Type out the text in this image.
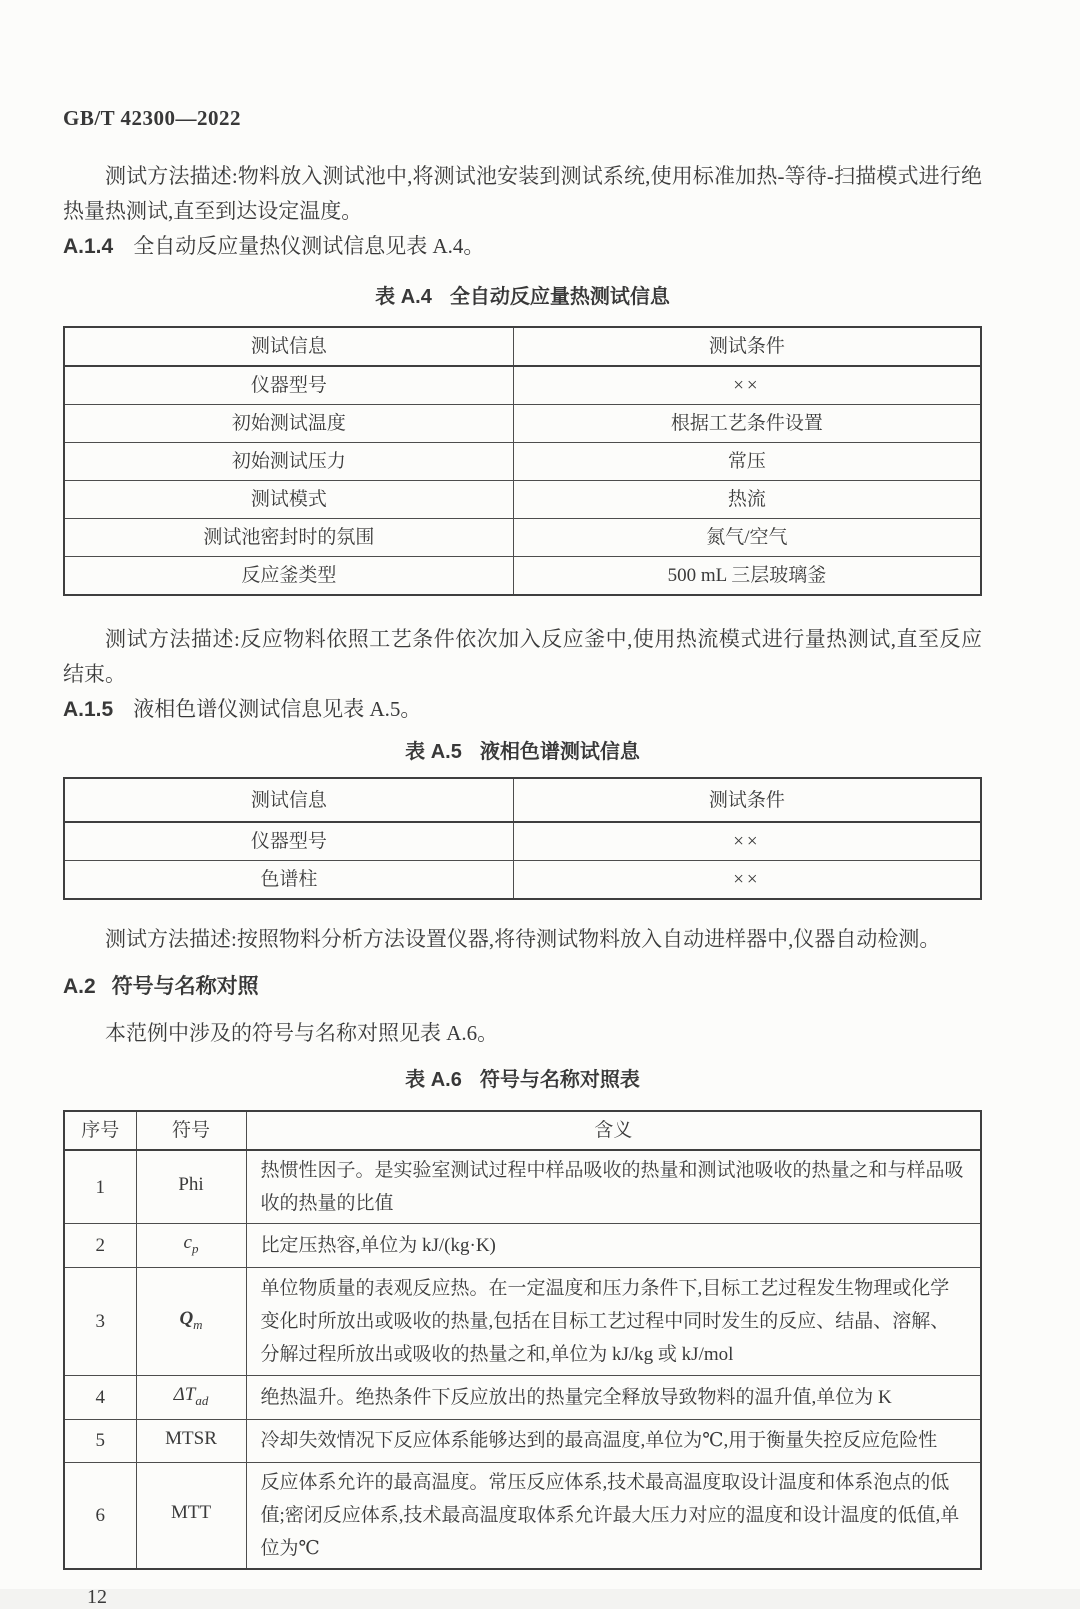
GB/T 42300—2022

测试方法描述:物料放入测试池中,将测试池安装到测试系统,使用标准加热-等待-扫描模式进行绝热量热测试,直至到达设定温度。

A.1.4 全自动反应量热仪测试信息见表 A.4。

表 A.4 全自动反应量热测试信息
测试信息	测试条件
仪器型号	××
初始测试温度	根据工艺条件设置
初始测试压力	常压
测试模式	热流
测试池密封时的氛围	氮气/空气
反应釜类型	500 mL 三层玻璃釜

测试方法描述:反应物料依照工艺条件依次加入反应釜中,使用热流模式进行量热测试,直至反应结束。

A.1.5 液相色谱仪测试信息见表 A.5。

表 A.5 液相色谱测试信息
测试信息	测试条件
仪器型号	××
色谱柱	××

测试方法描述:按照物料分析方法设置仪器,将待测试物料放入自动进样器中,仪器自动检测。

A.2 符号与名称对照

本范例中涉及的符号与名称对照见表 A.6。

表 A.6 符号与名称对照表
序号	符号	含义
1	Phi	热惯性因子。是实验室测试过程中样品吸收的热量和测试池吸收的热量之和与样品吸收的热量的比值
2	$c_p$	比定压热容,单位为 kJ/(kg·K)
3	$Q_m$	单位物质量的表观反应热。在一定温度和压力条件下,目标工艺过程发生物理或化学变化时所放出或吸收的热量,包括在目标工艺过程中同时发生的反应、结晶、溶解、分解过程所放出或吸收的热量之和,单位为 kJ/kg 或 kJ/mol
4	$\Delta T_{ad}$	绝热温升。绝热条件下反应放出的热量完全释放导致物料的温升值,单位为 K
5	MTSR	冷却失效情况下反应体系能够达到的最高温度,单位为℃,用于衡量失控反应危险性
6	MTT	反应体系允许的最高温度。常压反应体系,技术最高温度取设计温度和体系泡点的低值;密闭反应体系,技术最高温度取体系允许最大压力对应的温度和设计温度的低值,单位为℃
12
